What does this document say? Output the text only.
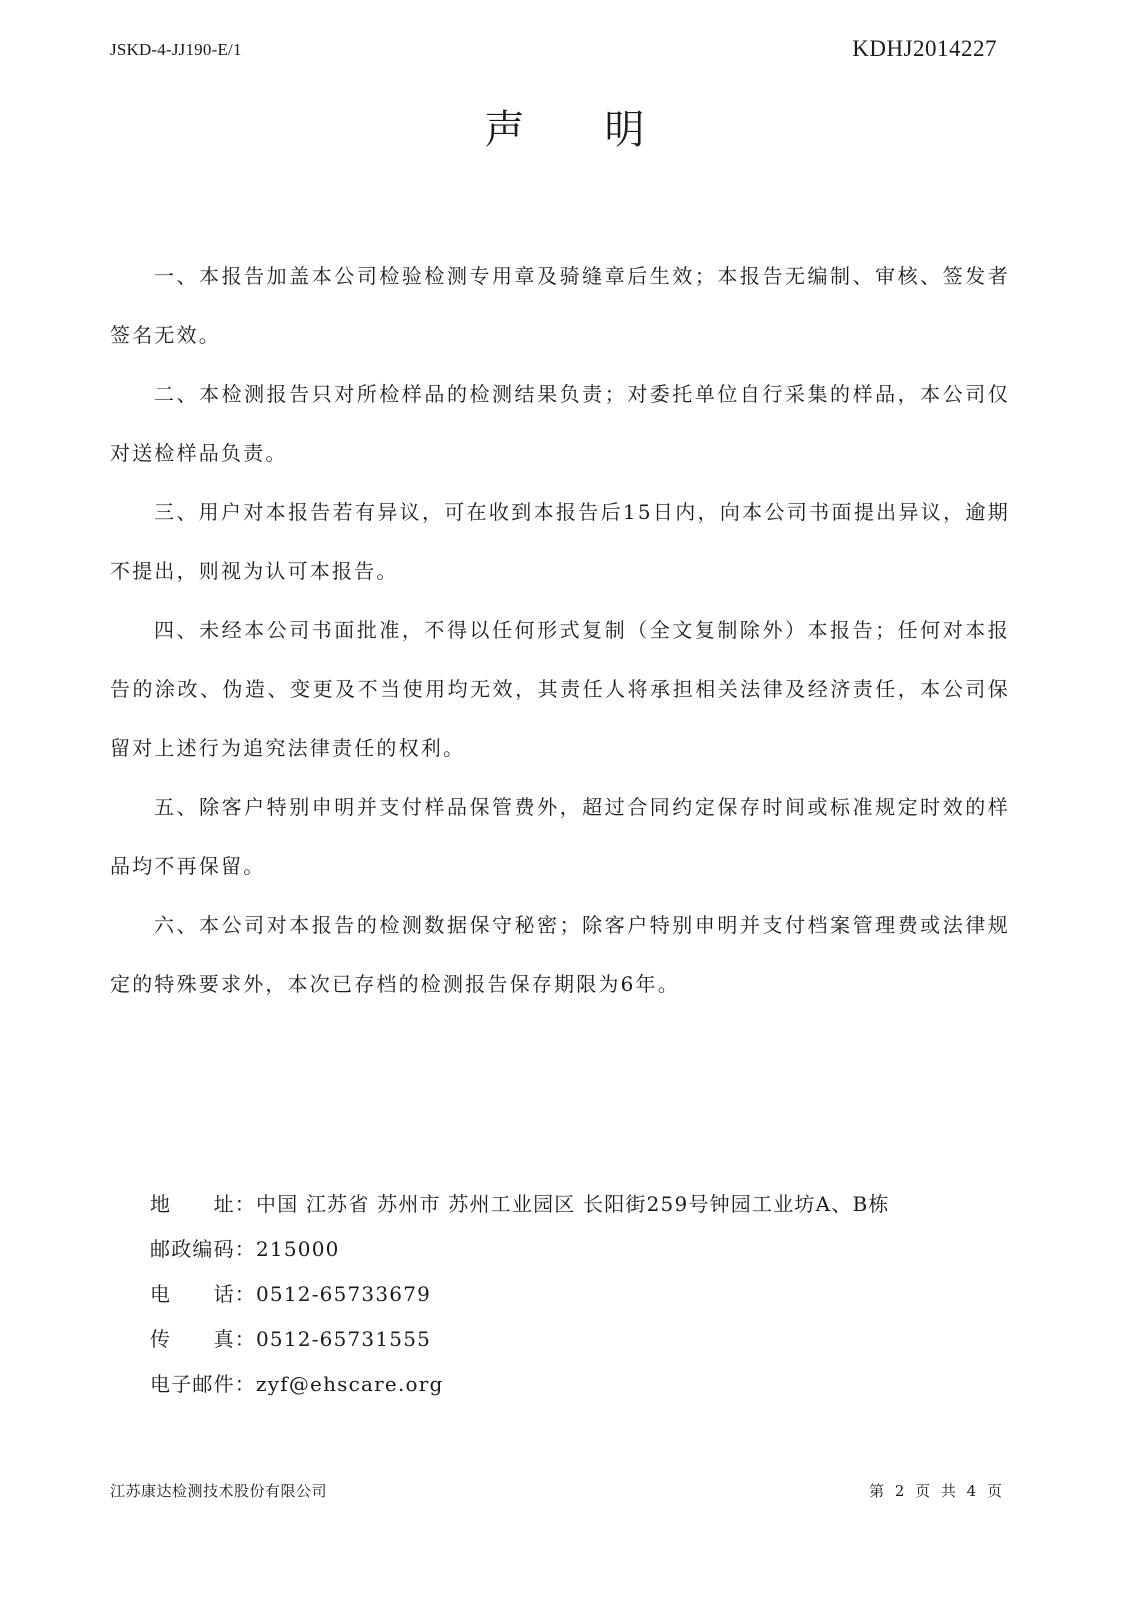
JSKD-4-JJ190-E/1	KDHJ2014227
声明

一、本报告加盖本公司检验检测专用章及骑缝章后生效；本报告无编制、审核、签发者签名无效。

二、本检测报告只对所检样品的检测结果负责；对委托单位自行采集的样品，本公司仅对送检样品负责。

三、用户对本报告若有异议，可在收到本报告后15日内，向本公司书面提出异议，逾期不提出，则视为认可本报告。

四、未经本公司书面批准，不得以任何形式复制（全文复制除外）本报告；任何对本报告的涂改、伪造、变更及不当使用均无效，其责任人将承担相关法律及经济责任，本公司保留对上述行为追究法律责任的权利。

五、除客户特别申明并支付样品保管费外，超过合同约定保存时间或标准规定时效的样品均不再保留。

六、本公司对本报告的检测数据保守秘密；除客户特别申明并支付档案管理费或法律规定的特殊要求外，本次已存档的检测报告保存期限为6年。

地　　址：中国 江苏省 苏州市 苏州工业园区 长阳街259号钟园工业坊A、B栋
邮政编码：215000
电　　话：0512-65733679
传　　真：0512-65731555
电子邮件：zyf@ehscare.org
江苏康达检测技术股份有限公司	第 2 页 共 4 页
